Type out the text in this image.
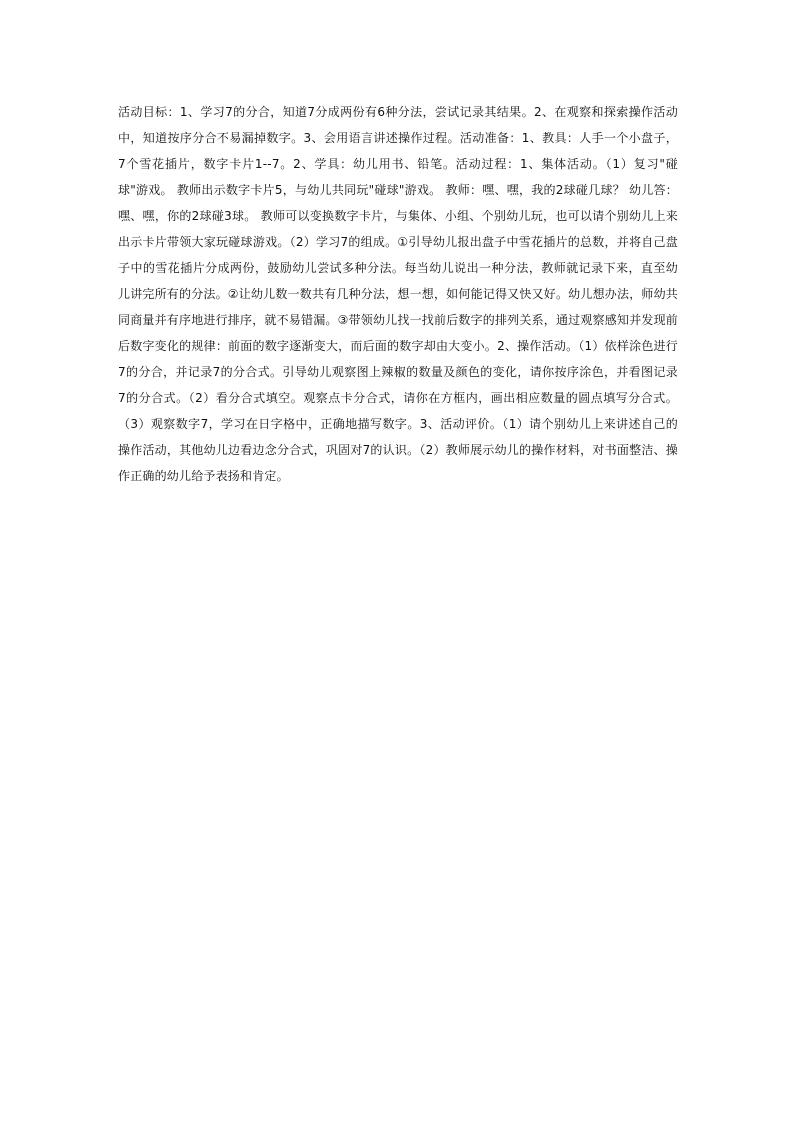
活动目标：1、学习7的分合，知道7分成两份有6种分法，尝试记录其结果。2、在观察和探索操作活动中，知道按序分合不易漏掉数字。3、会用语言讲述操作过程。活动准备：1、教具：人手一个小盘子，7个雪花插片，数字卡片1--7。2、学具：幼儿用书、铅笔。活动过程：1、集体活动。（1）复习"碰球"游戏。 教师出示数字卡片5，与幼儿共同玩"碰球"游戏。 教师：嘿、嘿，我的2球碰几球？ 幼儿答：嘿、嘿，你的2球碰3球。 教师可以变换数字卡片，与集体、小组、个别幼儿玩，也可以请个别幼儿上来出示卡片带领大家玩碰球游戏。（2）学习7的组成。①引导幼儿报出盘子中雪花插片的总数，并将自己盘子中的雪花插片分成两份，鼓励幼儿尝试多种分法。每当幼儿说出一种分法，教师就记录下来，直至幼儿讲完所有的分法。②让幼儿数一数共有几种分法，想一想，如何能记得又快又好。幼儿想办法，师幼共同商量并有序地进行排序，就不易错漏。③带领幼儿找一找前后数字的排列关系，通过观察感知并发现前后数字变化的规律：前面的数字逐渐变大，而后面的数字却由大变小。2、操作活动。（1）依样涂色进行7的分合，并记录7的分合式。引导幼儿观察图上辣椒的数量及颜色的变化，请你按序涂色，并看图记录7的分合式。（2）看分合式填空。观察点卡分合式，请你在方框内，画出相应数量的圆点填写分合式。（3）观察数字7，学习在日字格中，正确地描写数字。3、活动评价。（1）请个别幼儿上来讲述自己的操作活动，其他幼儿边看边念分合式，巩固对7的认识。（2）教师展示幼儿的操作材料，对书面整洁、操作正确的幼儿给予表扬和肯定。
